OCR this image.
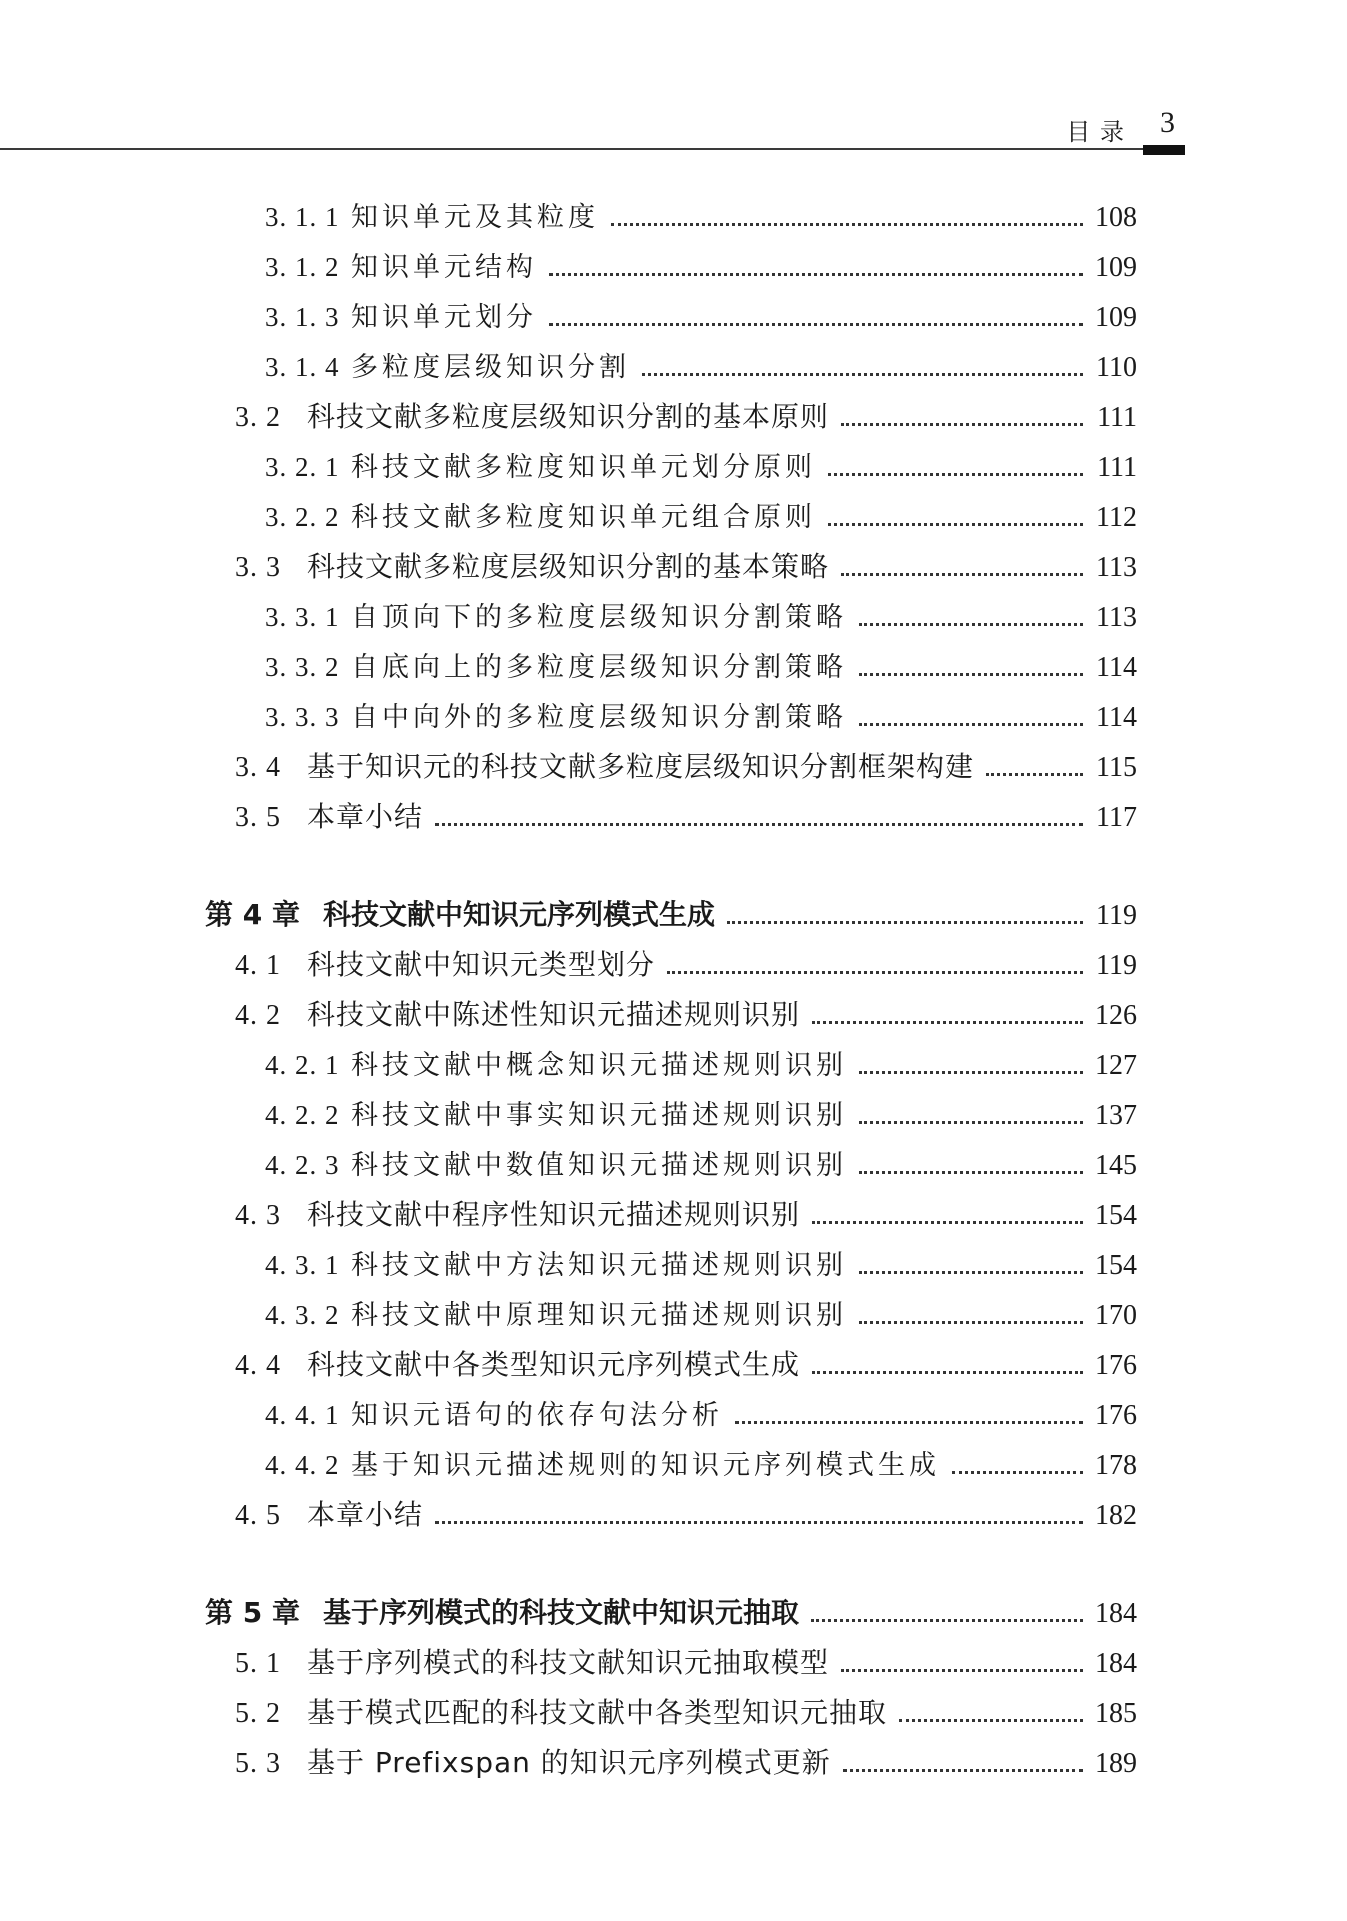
目 录 3
3. 1. 1 知识单元及其粒度	108
3. 1. 2 知识单元结构	109
3. 1. 3 知识单元划分	109
3. 1. 4 多粒度层级知识分割	110
3. 2 科技文献多粒度层级知识分割的基本原则	111
3. 2. 1 科技文献多粒度知识单元划分原则	111
3. 2. 2 科技文献多粒度知识单元组合原则	112
3. 3 科技文献多粒度层级知识分割的基本策略	113
3. 3. 1 自顶向下的多粒度层级知识分割策略	113
3. 3. 2 自底向上的多粒度层级知识分割策略	114
3. 3. 3 自中向外的多粒度层级知识分割策略	114
3. 4 基于知识元的科技文献多粒度层级知识分割框架构建	115
3. 5 本章小结	117
第 4 章 科技文献中知识元序列模式生成	119
4. 1 科技文献中知识元类型划分	119
4. 2 科技文献中陈述性知识元描述规则识别	126
4. 2. 1 科技文献中概念知识元描述规则识别	127
4. 2. 2 科技文献中事实知识元描述规则识别	137
4. 2. 3 科技文献中数值知识元描述规则识别	145
4. 3 科技文献中程序性知识元描述规则识别	154
4. 3. 1 科技文献中方法知识元描述规则识别	154
4. 3. 2 科技文献中原理知识元描述规则识别	170
4. 4 科技文献中各类型知识元序列模式生成	176
4. 4. 1 知识元语句的依存句法分析	176
4. 4. 2 基于知识元描述规则的知识元序列模式生成	178
4. 5 本章小结	182
第 5 章 基于序列模式的科技文献中知识元抽取	184
5. 1 基于序列模式的科技文献知识元抽取模型	184
5. 2 基于模式匹配的科技文献中各类型知识元抽取	185
5. 3 基于 Prefixspan 的知识元序列模式更新	189
